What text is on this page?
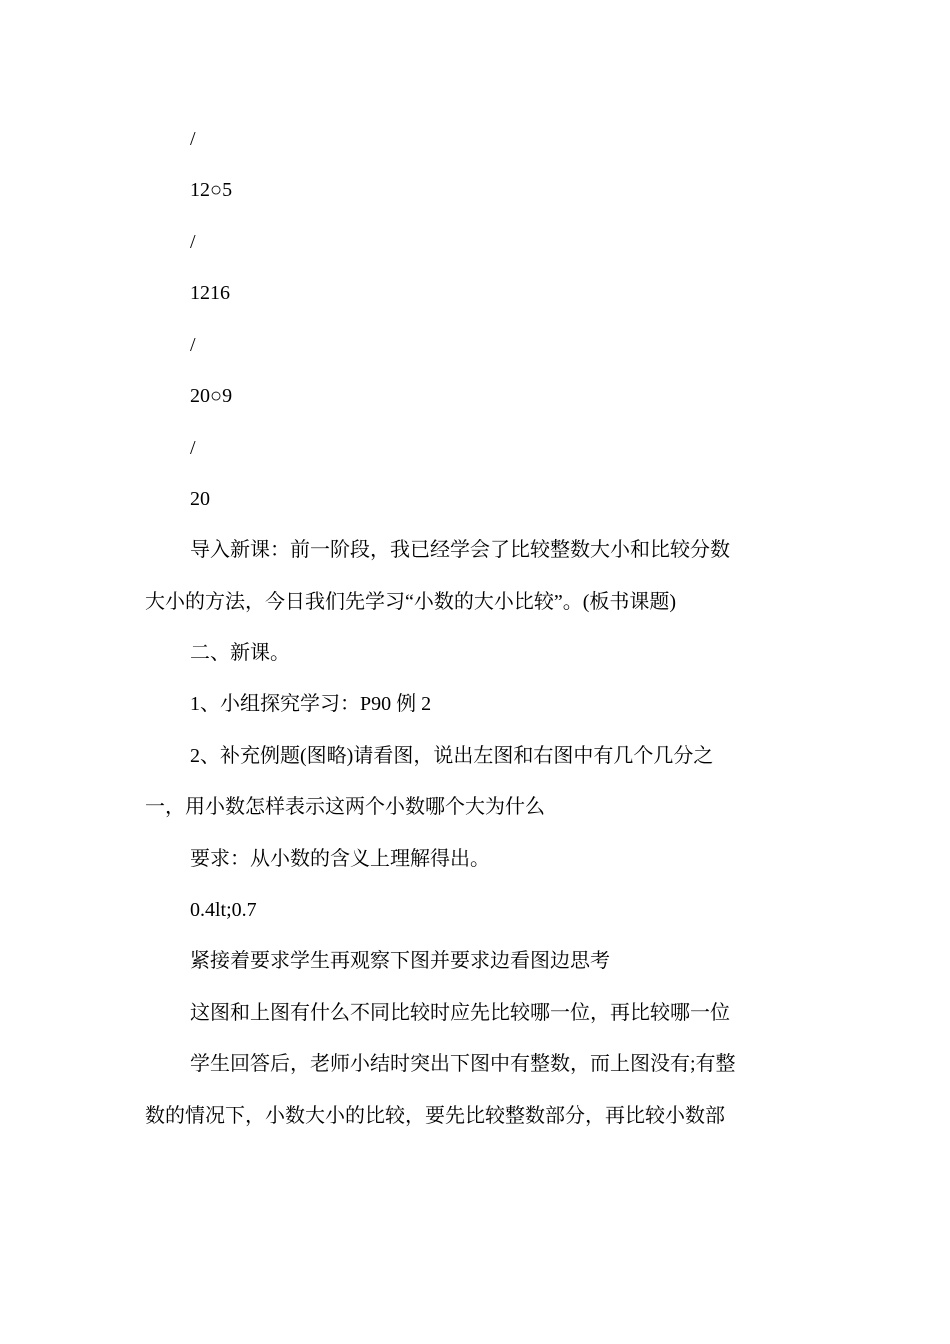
/

12○5

/

1216

/

20○9

/

20

导入新课：前一阶段，我已经学会了比较整数大小和比较分数

大小的方法，今日我们先学习“小数的大小比较”。(板书课题)

二、新课。

1、小组探究学习：P90 例 2

2、补充例题(图略)请看图，说出左图和右图中有几个几分之

一，用小数怎样表示这两个小数哪个大为什么

要求：从小数的含义上理解得出。

0.4lt;0.7

紧接着要求学生再观察下图并要求边看图边思考

这图和上图有什么不同比较时应先比较哪一位，再比较哪一位

学生回答后，老师小结时突出下图中有整数，而上图没有;有整

数的情况下，小数大小的比较，要先比较整数部分，再比较小数部
